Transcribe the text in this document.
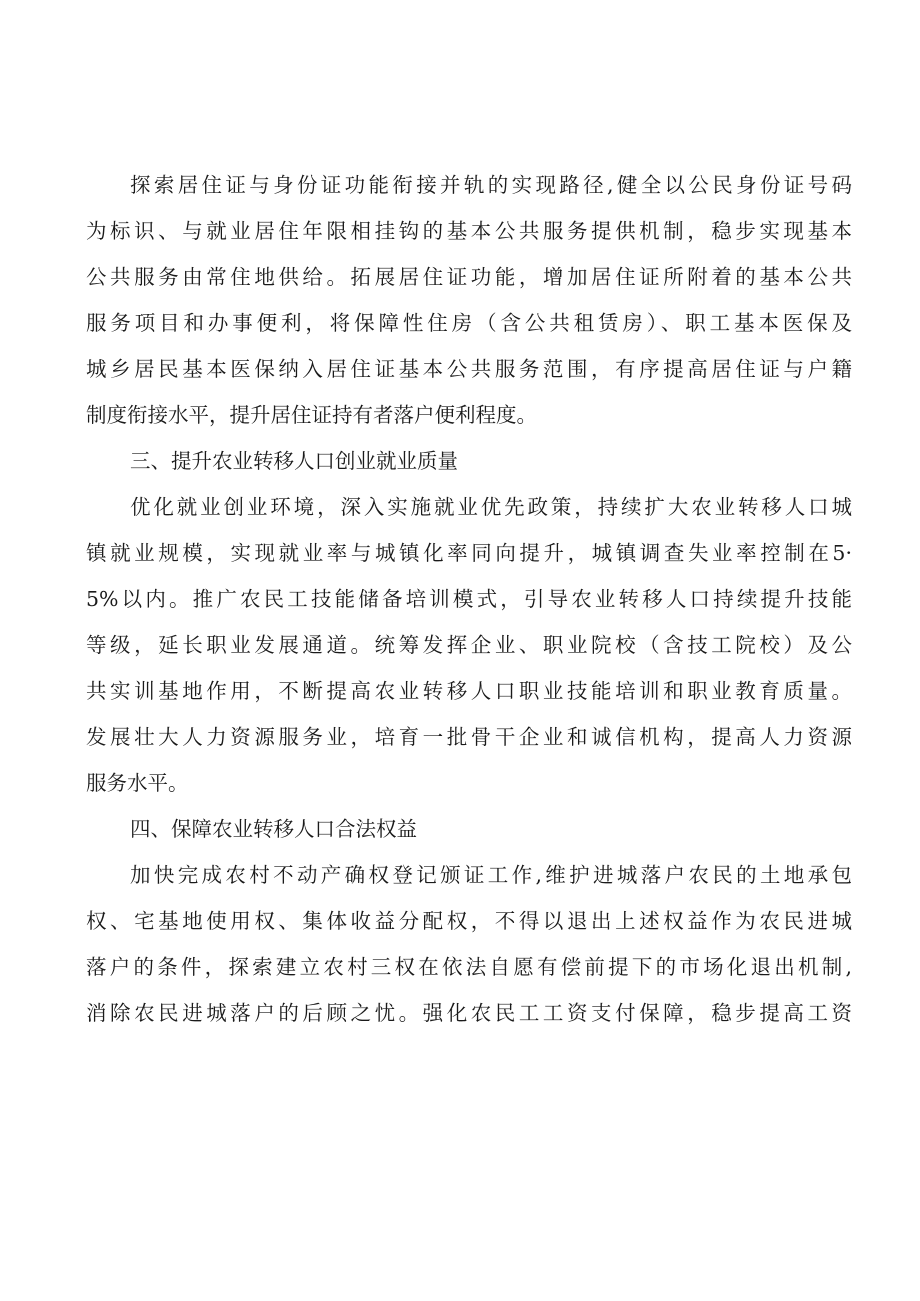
探索居住证与身份证功能衔接并轨的实现路径,健全以公民身份证号码
为标识、与就业居住年限相挂钩的基本公共服务提供机制，稳步实现基本
公共服务由常住地供给。拓展居住证功能，增加居住证所附着的基本公共
服务项目和办事便利，将保障性住房（含公共租赁房）、职工基本医保及
城乡居民基本医保纳入居住证基本公共服务范围，有序提高居住证与户籍
制度衔接水平，提升居住证持有者落户便利程度。
三、提升农业转移人口创业就业质量
优化就业创业环境，深入实施就业优先政策，持续扩大农业转移人口城
镇就业规模，实现就业率与城镇化率同向提升，城镇调查失业率控制在5·
5%以内。推广农民工技能储备培训模式，引导农业转移人口持续提升技能
等级，延长职业发展通道。统筹发挥企业、职业院校（含技工院校）及公
共实训基地作用，不断提高农业转移人口职业技能培训和职业教育质量。
发展壮大人力资源服务业，培育一批骨干企业和诚信机构，提高人力资源
服务水平。
四、保障农业转移人口合法权益
加快完成农村不动产确权登记颁证工作,维护进城落户农民的土地承包
权、宅基地使用权、集体收益分配权，不得以退出上述权益作为农民进城
落户的条件，探索建立农村三权在依法自愿有偿前提下的市场化退出机制,
消除农民进城落户的后顾之忧。强化农民工工资支付保障，稳步提高工资
